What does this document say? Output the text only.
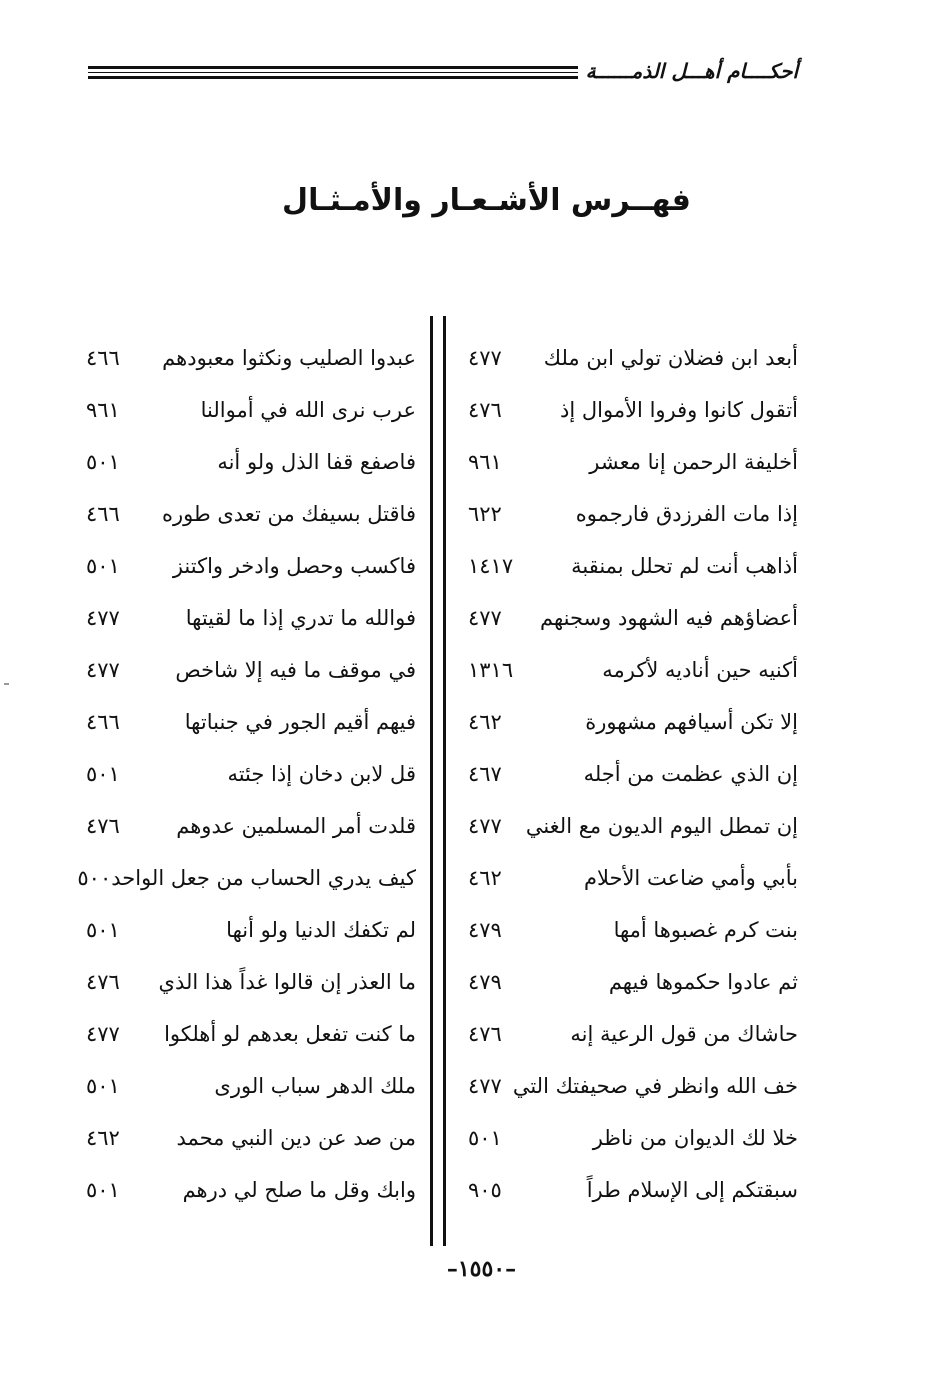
أحكــــام أهـــل الذمــــــة
فهــرس الأشـعـار والأمـثـال
أبعد ابن فضلان تولي ابن ملك
٤٧٧
أتقول كانوا وفروا الأموال إذ
٤٧٦
أخليفة الرحمن إنا معشر
٩٦١
إذا مات الفرزدق فارجموه
٦٢٢
أذاهب أنت لم تحلل بمنقبة
١٤١٧
أعضاؤهم فيه الشهود وسجنهم
٤٧٧
أكنيه حين أناديه لأكرمه
١٣١٦
إلا تكن أسيافهم مشهورة
٤٦٢
إن الذي عظمت من أجله
٤٦٧
إن تمطل اليوم الديون مع الغني
٤٧٧
بأبي وأمي ضاعت الأحلام
٤٦٢
بنت كرم غصبوها أمها
٤٧٩
ثم عادوا حكموها فيهم
٤٧٩
حاشاك من قول الرعية إنه
٤٧٦
خف الله وانظر في صحيفتك التي
٤٧٧
خلا لك الديوان من ناظر
٥٠١
سبقتكم إلى الإسلام طراً
٩٠٥
عبدوا الصليب ونكثوا معبودهم
٤٦٦
عرب نرى الله في أموالنا
٩٦١
فاصفع قفا الذل ولو أنه
٥٠١
فاقتل بسيفك من تعدى طوره
٤٦٦
فاكسب وحصل وادخر واكتنز
٥٠١
فوالله ما تدري إذا ما لقيتها
٤٧٧
في موقف ما فيه إلا شاخص
٤٧٧
فيهم أقيم الجور في جنباتها
٤٦٦
قل لابن دخان إذا جئته
٥٠١
قلدت أمر المسلمين عدوهم
٤٧٦
كيف يدري الحساب من جعل الواحد
٥٠٠
لم تكفك الدنيا ولو أنها
٥٠١
ما العذر إن قالوا غداً هذا الذي
٤٧٦
ما كنت تفعل بعدهم لو أهلكوا
٤٧٧
ملك الدهر سباب الورى
٥٠١
من صد عن دين النبي محمد
٤٦٢
وابك وقل ما صلح لي درهم
٥٠١
–١٥٥٠–
